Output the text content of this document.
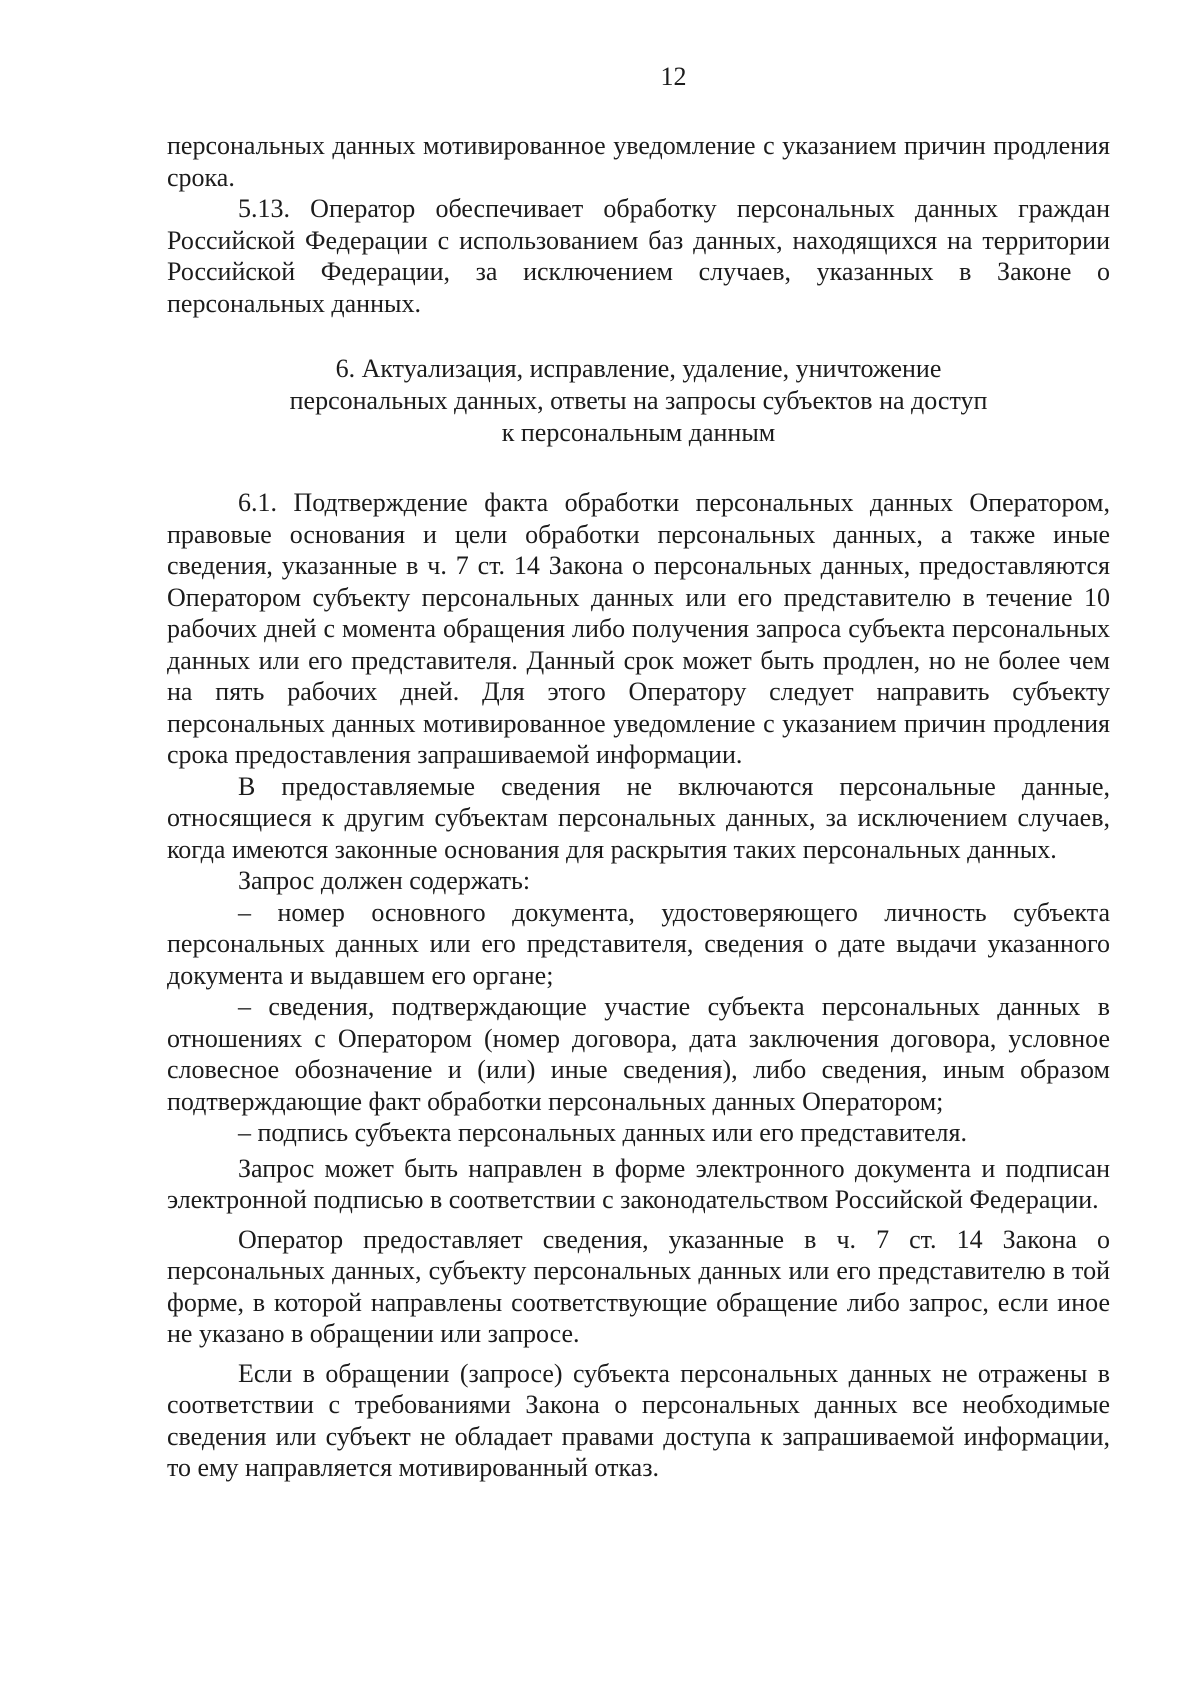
12

персональных данных мотивированное уведомление с указанием причин продления срока.

5.13. Оператор обеспечивает обработку персональных данных граждан Российской Федерации с использованием баз данных, находящихся на территории Российской Федерации, за исключением случаев, указанных в Законе о персональных данных.

6. Актуализация, исправление, удаление, уничтожение
персональных данных, ответы на запросы субъектов на доступ
к персональным данным

6.1. Подтверждение факта обработки персональных данных Оператором, правовые основания и цели обработки персональных данных, а также иные сведения, указанные в ч. 7 ст. 14 Закона о персональных данных, предоставляются Оператором субъекту персональных данных или его представителю в течение 10 рабочих дней с момента обращения либо получения запроса субъекта персональных данных или его представителя. Данный срок может быть продлен, но не более чем на пять рабочих дней. Для этого Оператору следует направить субъекту персональных данных мотивированное уведомление с указанием причин продления срока предоставления запрашиваемой информации.

В предоставляемые сведения не включаются персональные данные, относящиеся к другим субъектам персональных данных, за исключением случаев, когда имеются законные основания для раскрытия таких персональных данных.

Запрос должен содержать:

– номер основного документа, удостоверяющего личность субъекта персональных данных или его представителя, сведения о дате выдачи указанного документа и выдавшем его органе;

– сведения, подтверждающие участие субъекта персональных данных в отношениях с Оператором (номер договора, дата заключения договора, условное словесное обозначение и (или) иные сведения), либо сведения, иным образом подтверждающие факт обработки персональных данных Оператором;

– подпись субъекта персональных данных или его представителя.

Запрос может быть направлен в форме электронного документа и подписан электронной подписью в соответствии с законодательством Российской Федерации.

Оператор предоставляет сведения, указанные в ч. 7 ст. 14 Закона о персональных данных, субъекту персональных данных или его представителю в той форме, в которой направлены соответствующие обращение либо запрос, если иное не указано в обращении или запросе.

Если в обращении (запросе) субъекта персональных данных не отражены в соответствии с требованиями Закона о персональных данных все необходимые сведения или субъект не обладает правами доступа к запрашиваемой информации, то ему направляется мотивированный отказ.
